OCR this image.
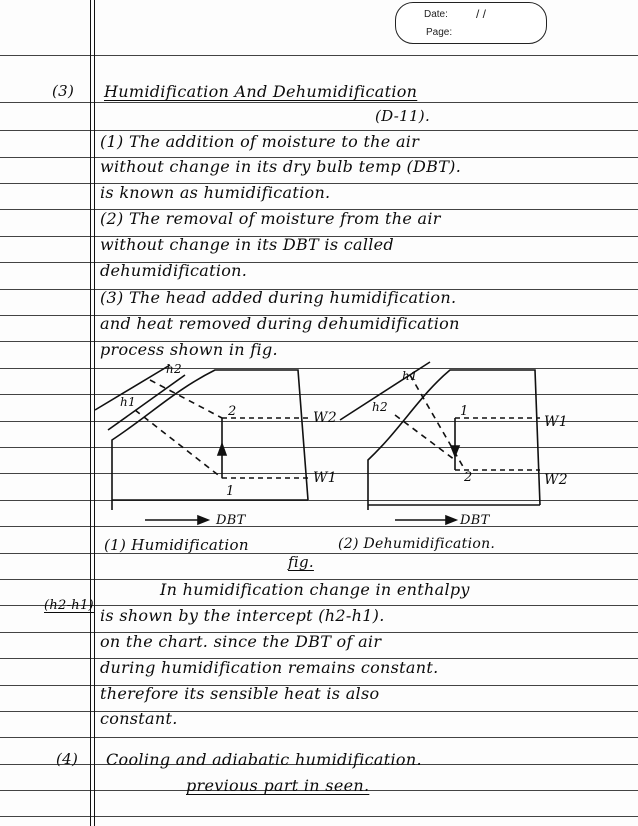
Date: / /
Page:
(3) Humidification And Dehumidification
(D-11).
(1) The addition of moisture to the air
without change in its dry bulb temp (DBT).
is known as humidification.
(2) The removal of moisture from the air
without change in its DBT is called
dehumidification.
(3) The head added during humidification.
and heat removed during dehumidification
process shown in fig.
h2
h1
2
1
W2
W1
DBT
(1) Humidification
h1
h2	1
2
W1
W2
DBT
(2) Dehumidification.
fig.
(h2-h1)
In humidification change in enthalpy
is shown by the intercept (h2-h1).
on the chart. since the DBT of air
during humidification remains constant.
therefore its sensible heat is also
constant.
(4) Cooling and adiabatic humidification.
previous part in seen.
